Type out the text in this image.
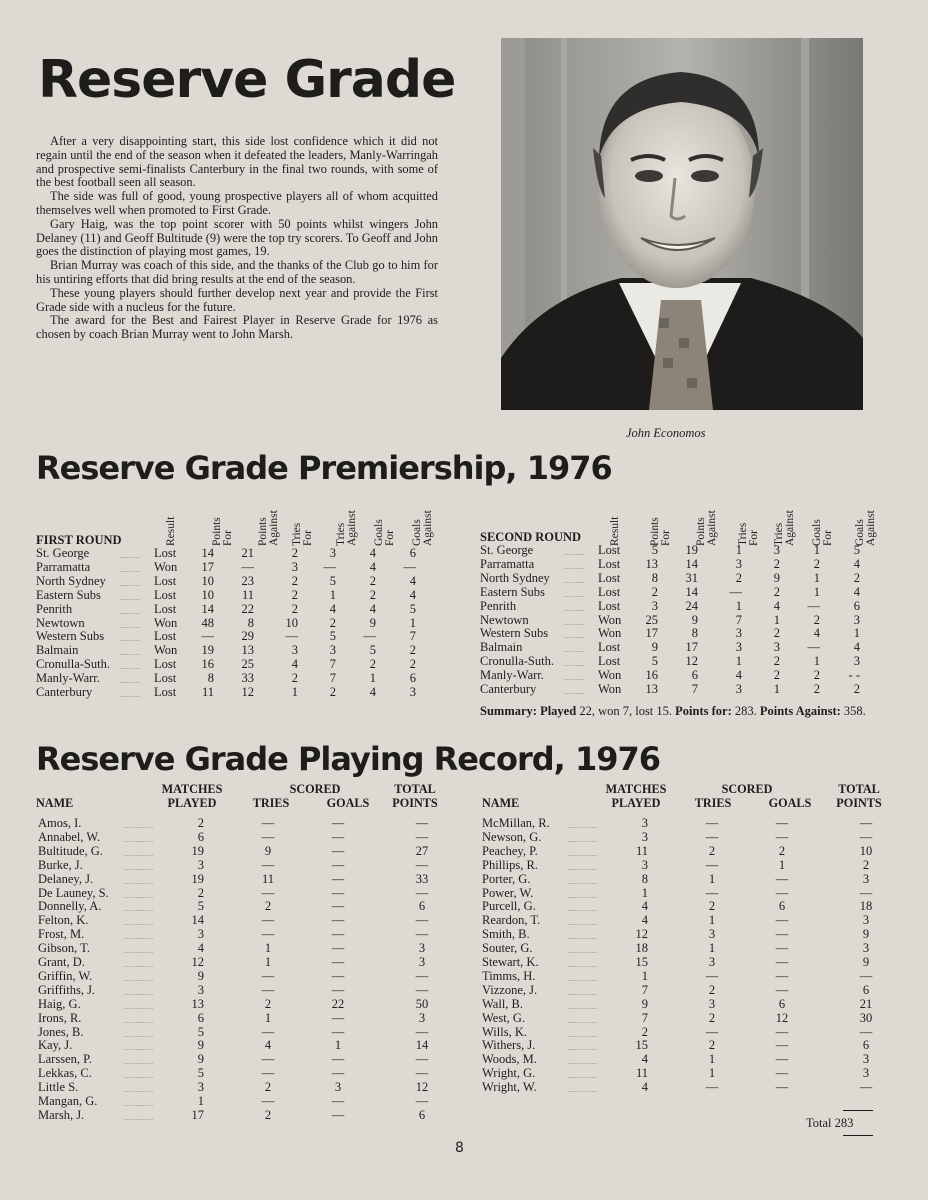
Reserve Grade

After a very disappointing start, this side lost confidence which it did not regain until the end of the season when it defeated the leaders, Manly-Warringah and prospective semi-finalists Canterbury in the final two rounds, with some of the best football seen all season.

The side was full of good, young prospective players all of whom acquitted themselves well when promoted to First Grade.

Gary Haig, was the top point scorer with 50 points whilst wingers John Delaney (11) and Geoff Bultitude (9) were the top try scorers. To Geoff and John goes the distinction of playing most games, 19.

Brian Murray was coach of this side, and the thanks of the Club go to him for his untiring efforts that did bring results at the end of the season.

These young players should further develop next year and provide the First Grade side with a nucleus for the future.

The award for the Best and Fairest Player in Reserve Grade for 1976 as chosen by coach Brian Murray went to John Marsh.

John Economos
Reserve Grade Premiership, 1976
Result	Points For Points Against Tries For Tries Against Goals For Goals Against	Result Points For Points Against Tries For Tries Against Goals For Goals Against
FIRST ROUND	SECOND ROUND
St. George	....... Lost	14	21	2	3	4	6
Parramatta	....... Won	17	—	3	—	4	—
North Sydney ....... Lost	10	23	2	5	2	4
Eastern Subs ....... Lost	10	11	2	1	2	4
Penrith	....... Lost	14	22	2	4	4	5
Newtown	....... Won	48	8	10	2	9	1
Western Subs ....... Lost	—	29	—	5	—	7
Balmain	....... Won	19	13	3	3	5	2
Cronulla-Suth. ....... Lost	16	25	4	7	2	2
Manly-Warr.	....... Lost	8	33	2	7	1	6
Canterbury	....... Lost	11	12	1	2	4	3
St. George	....... Lost	5	19	1	3	1	5
Parramatta	....... Lost	13	14	3	2	2	4
North Sydney ....... Lost	8	31	2	9	1	2
Eastern Subs ....... Lost	2	14	—	2	1	4
Penrith	....... Lost	3	24	1	4	—	6
Newtown	....... Won	25	9	7	1	2	3
Western Subs ....... Won	17	8	3	2	4	1
Balmain	....... Lost	9	17	3	3	—	4
Cronulla-Suth. ....... Lost	5	12	1	2	1	3
Manly-Warr.	....... Won	16	6	4	2	2	- -
Canterbury	....... Won	13	7	3	1	2	2
Summary: Played 22, won 7, lost 15. Points for: 283. Points Against: 358.
Reserve Grade Playing Record, 1976
NAME
MATCHES
PLAYED
SCORED
TRIES	GOALS
TOTAL
POINTS	NAME
MATCHES
PLAYED
SCORED
TRIES	GOALS
TOTAL
POINTS
Amos, I.	..........	2	—	—	—
Annabel, W.	..........	6	—	—	—
Bultitude, G.	..........	19	9	—	27
Burke, J.	..........	3	—	—	—
Delaney, J.	..........	19	11	—	33
De Launey, S. ..........	2	—	—	—
Donnelly, A.	..........	5	2	—	6
Felton, K.	..........	14	—	—	—
Frost, M.	..........	3	—	—	—
Gibson, T.	..........	4	1	—	3
Grant, D.	..........	12	1	—	3
Griffin, W.	..........	9	—	—	—
Griffiths, J.	..........	3	—	—	—
Haig, G.	..........	13	2	22	50
Irons, R.	..........	6	1	—	3
Jones, B.	..........	5	—	—	—
Kay, J.	..........	9	4	1	14
Larssen, P.	..........	9	—	—	—
Lekkas, C.	..........	5	—	—	—
Little S.	..........	3	2	3	12
Mangan, G.	..........	1	—	—	—
Marsh, J.	..........	17	2	—	6
McMillan, R. ..........	3	—	—	—
Newson, G.	..........	3	—	—	—
Peachey, P.	..........	11	2	2	10
Phillips, R.	..........	3	—	1	2
Porter, G.	..........	8	1	—	3
Power, W.	..........	1	—	—	—
Purcell, G.	..........	4	2	6	18
Reardon, T.	..........	4	1	—	3
Smith, B.	..........	12	3	—	9
Souter, G.	..........	18	1	—	3
Stewart, K.	..........	15	3	—	9
Timms, H.	..........	1	—	—	—
Vizzone, J.	..........	7	2	—	6
Wall, B.	..........	9	3	6	21
West, G.	..........	7	2	12	30
Wills, K.	..........	2	—	—	—
Withers, J.	..........	15	2	—	6
Woods, M.	..........	4	1	—	3
Wright, G.	..........	11	1	—	3
Wright, W.	..........	4	—	—	—
Total 283
8
